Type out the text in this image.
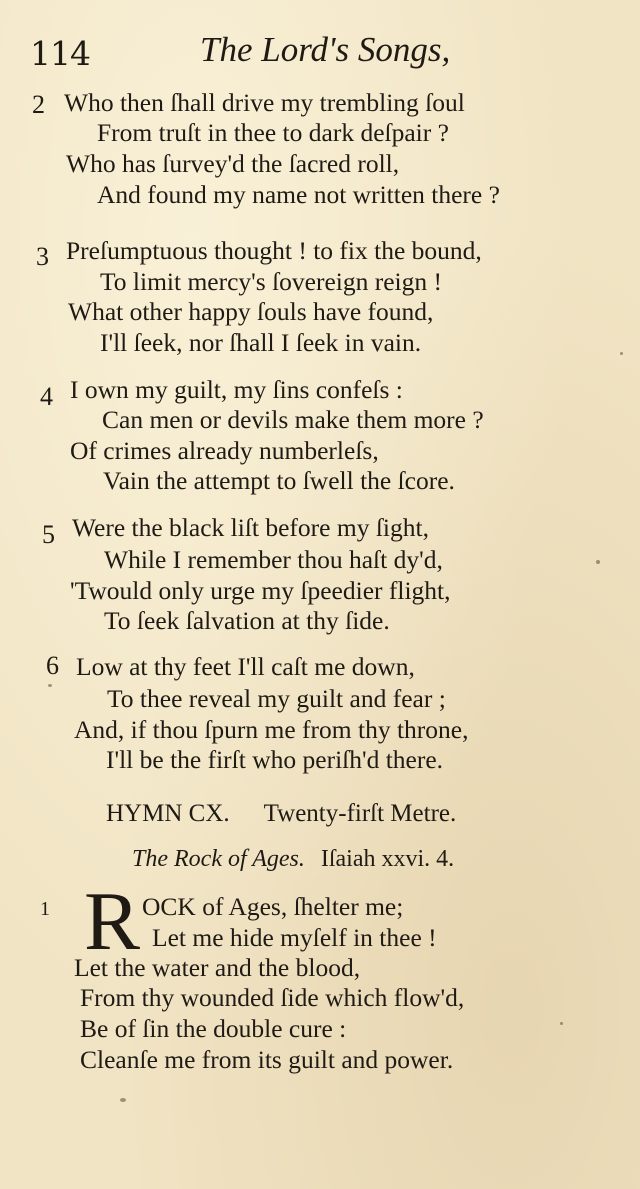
114	The Lord's Songs,
2 Who then ſhall drive my trembling ſoul
From truſt in thee to dark deſpair ?
Who has ſurvey'd the ſacred roll,
And found my name not written there ?
3 Preſumptuous thought ! to fix the bound,
To limit mercy's ſovereign reign !
What other happy ſouls have found,
I'll ſeek, nor ſhall I ſeek in vain.
4 I own my guilt, my ſins confeſs :
Can men or devils make them more ?
Of crimes already numberleſs,
Vain the attempt to ſwell the ſcore.
5 Were the black liſt before my ſight,
While I remember thou haſt dy'd,
'Twould only urge my ſpeedier flight,
To ſeek ſalvation at thy ſide.
6 Low at thy feet I'll caſt me down,
To thee reveal my guilt and fear ;
And, if thou ſpurn me from thy throne,
I'll be the firſt who periſh'd there.
HYMN CX. Twenty-firſt Metre.
The Rock of Ages. Iſaiah xxvi. 4.
1 R OCK of Ages, ſhelter me;
Let me hide myſelf in thee !
Let the water and the blood,
From thy wounded ſide which flow'd,
Be of ſin the double cure :
Cleanſe me from its guilt and power.
